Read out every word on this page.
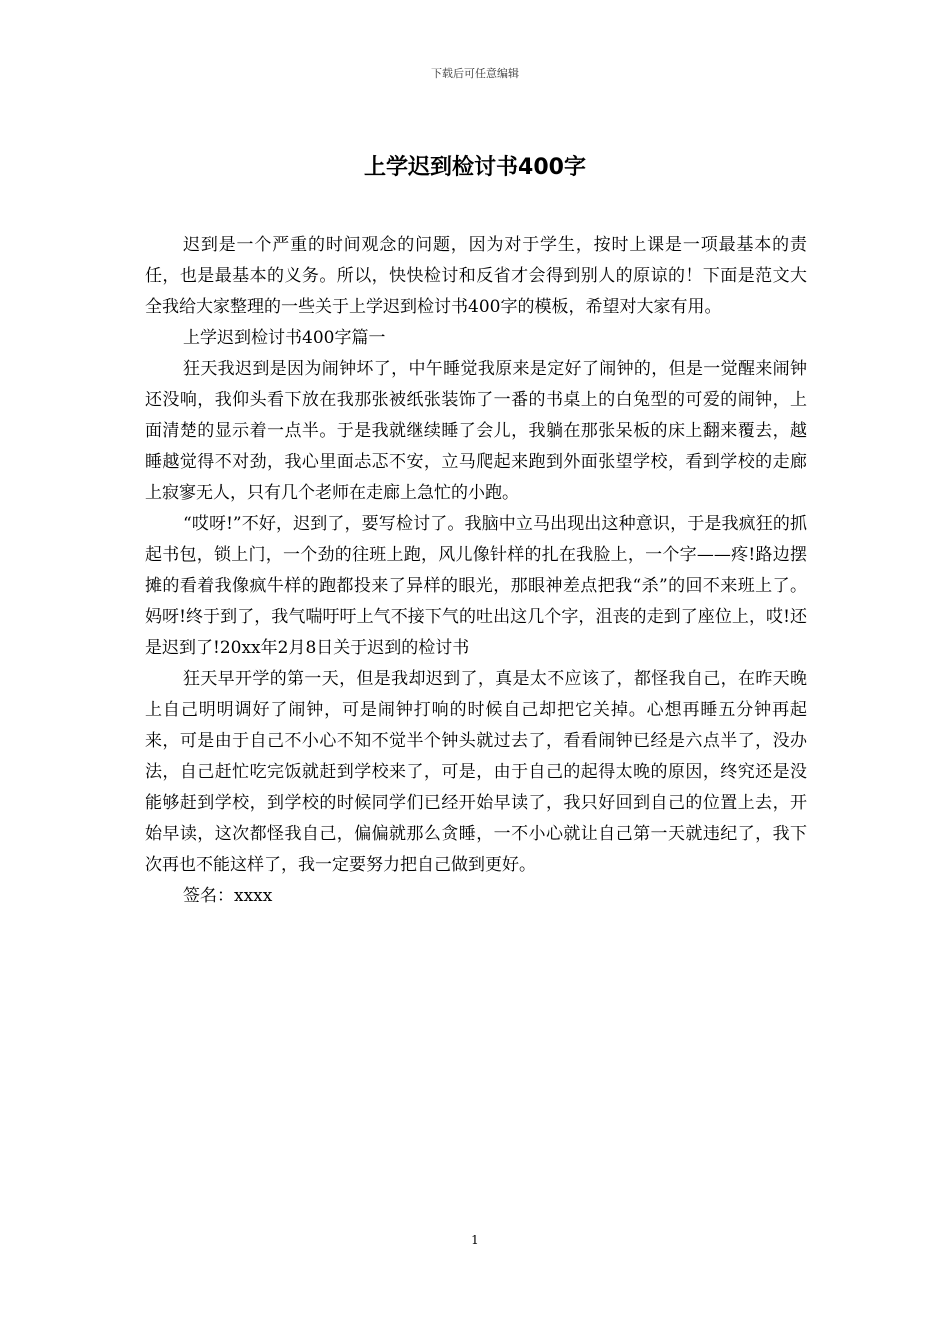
下载后可任意编辑
上学迟到检讨书400字

迟到是一个严重的时间观念的问题，因为对于学生，按时上课是一项最基本的责任，也是最基本的义务。所以，快快检讨和反省才会得到别人的原谅的！下面是范文大全我给大家整理的一些关于上学迟到检讨书400字的模板，希望对大家有用。

上学迟到检讨书400字篇一

狂天我迟到是因为闹钟坏了，中午睡觉我原来是定好了闹钟的，但是一觉醒来闹钟还没响，我仰头看下放在我那张被纸张装饰了一番的书桌上的白兔型的可爱的闹钟，上面清楚的显示着一点半。于是我就继续睡了会儿，我躺在那张呆板的床上翻来覆去，越睡越觉得不对劲，我心里面忐忑不安，立马爬起来跑到外面张望学校，看到学校的走廊上寂寥无人，只有几个老师在走廊上急忙的小跑。

“哎呀!”不好，迟到了，要写检讨了。我脑中立马出现出这种意识，于是我疯狂的抓起书包，锁上门，一个劲的往班上跑，风儿像针样的扎在我脸上，一个字——疼!路边摆摊的看着我像疯牛样的跑都投来了异样的眼光，那眼神差点把我“杀”的回不来班上了。妈呀!终于到了，我气喘吁吁上气不接下气的吐出这几个字，沮丧的走到了座位上，哎!还是迟到了!20xx年2月8日关于迟到的检讨书

狂天早开学的第一天，但是我却迟到了，真是太不应该了，都怪我自己，在昨天晚上自己明明调好了闹钟，可是闹钟打响的时候自己却把它关掉。心想再睡五分钟再起来，可是由于自己不小心不知不觉半个钟头就过去了，看看闹钟已经是六点半了，没办法，自己赶忙吃完饭就赶到学校来了，可是，由于自己的起得太晚的原因，终究还是没能够赶到学校，到学校的时候同学们已经开始早读了，我只好回到自己的位置上去，开始早读，这次都怪我自己，偏偏就那么贪睡，一不小心就让自己第一天就违纪了，我下次再也不能这样了，我一定要努力把自己做到更好。

签名：xxxx

1
